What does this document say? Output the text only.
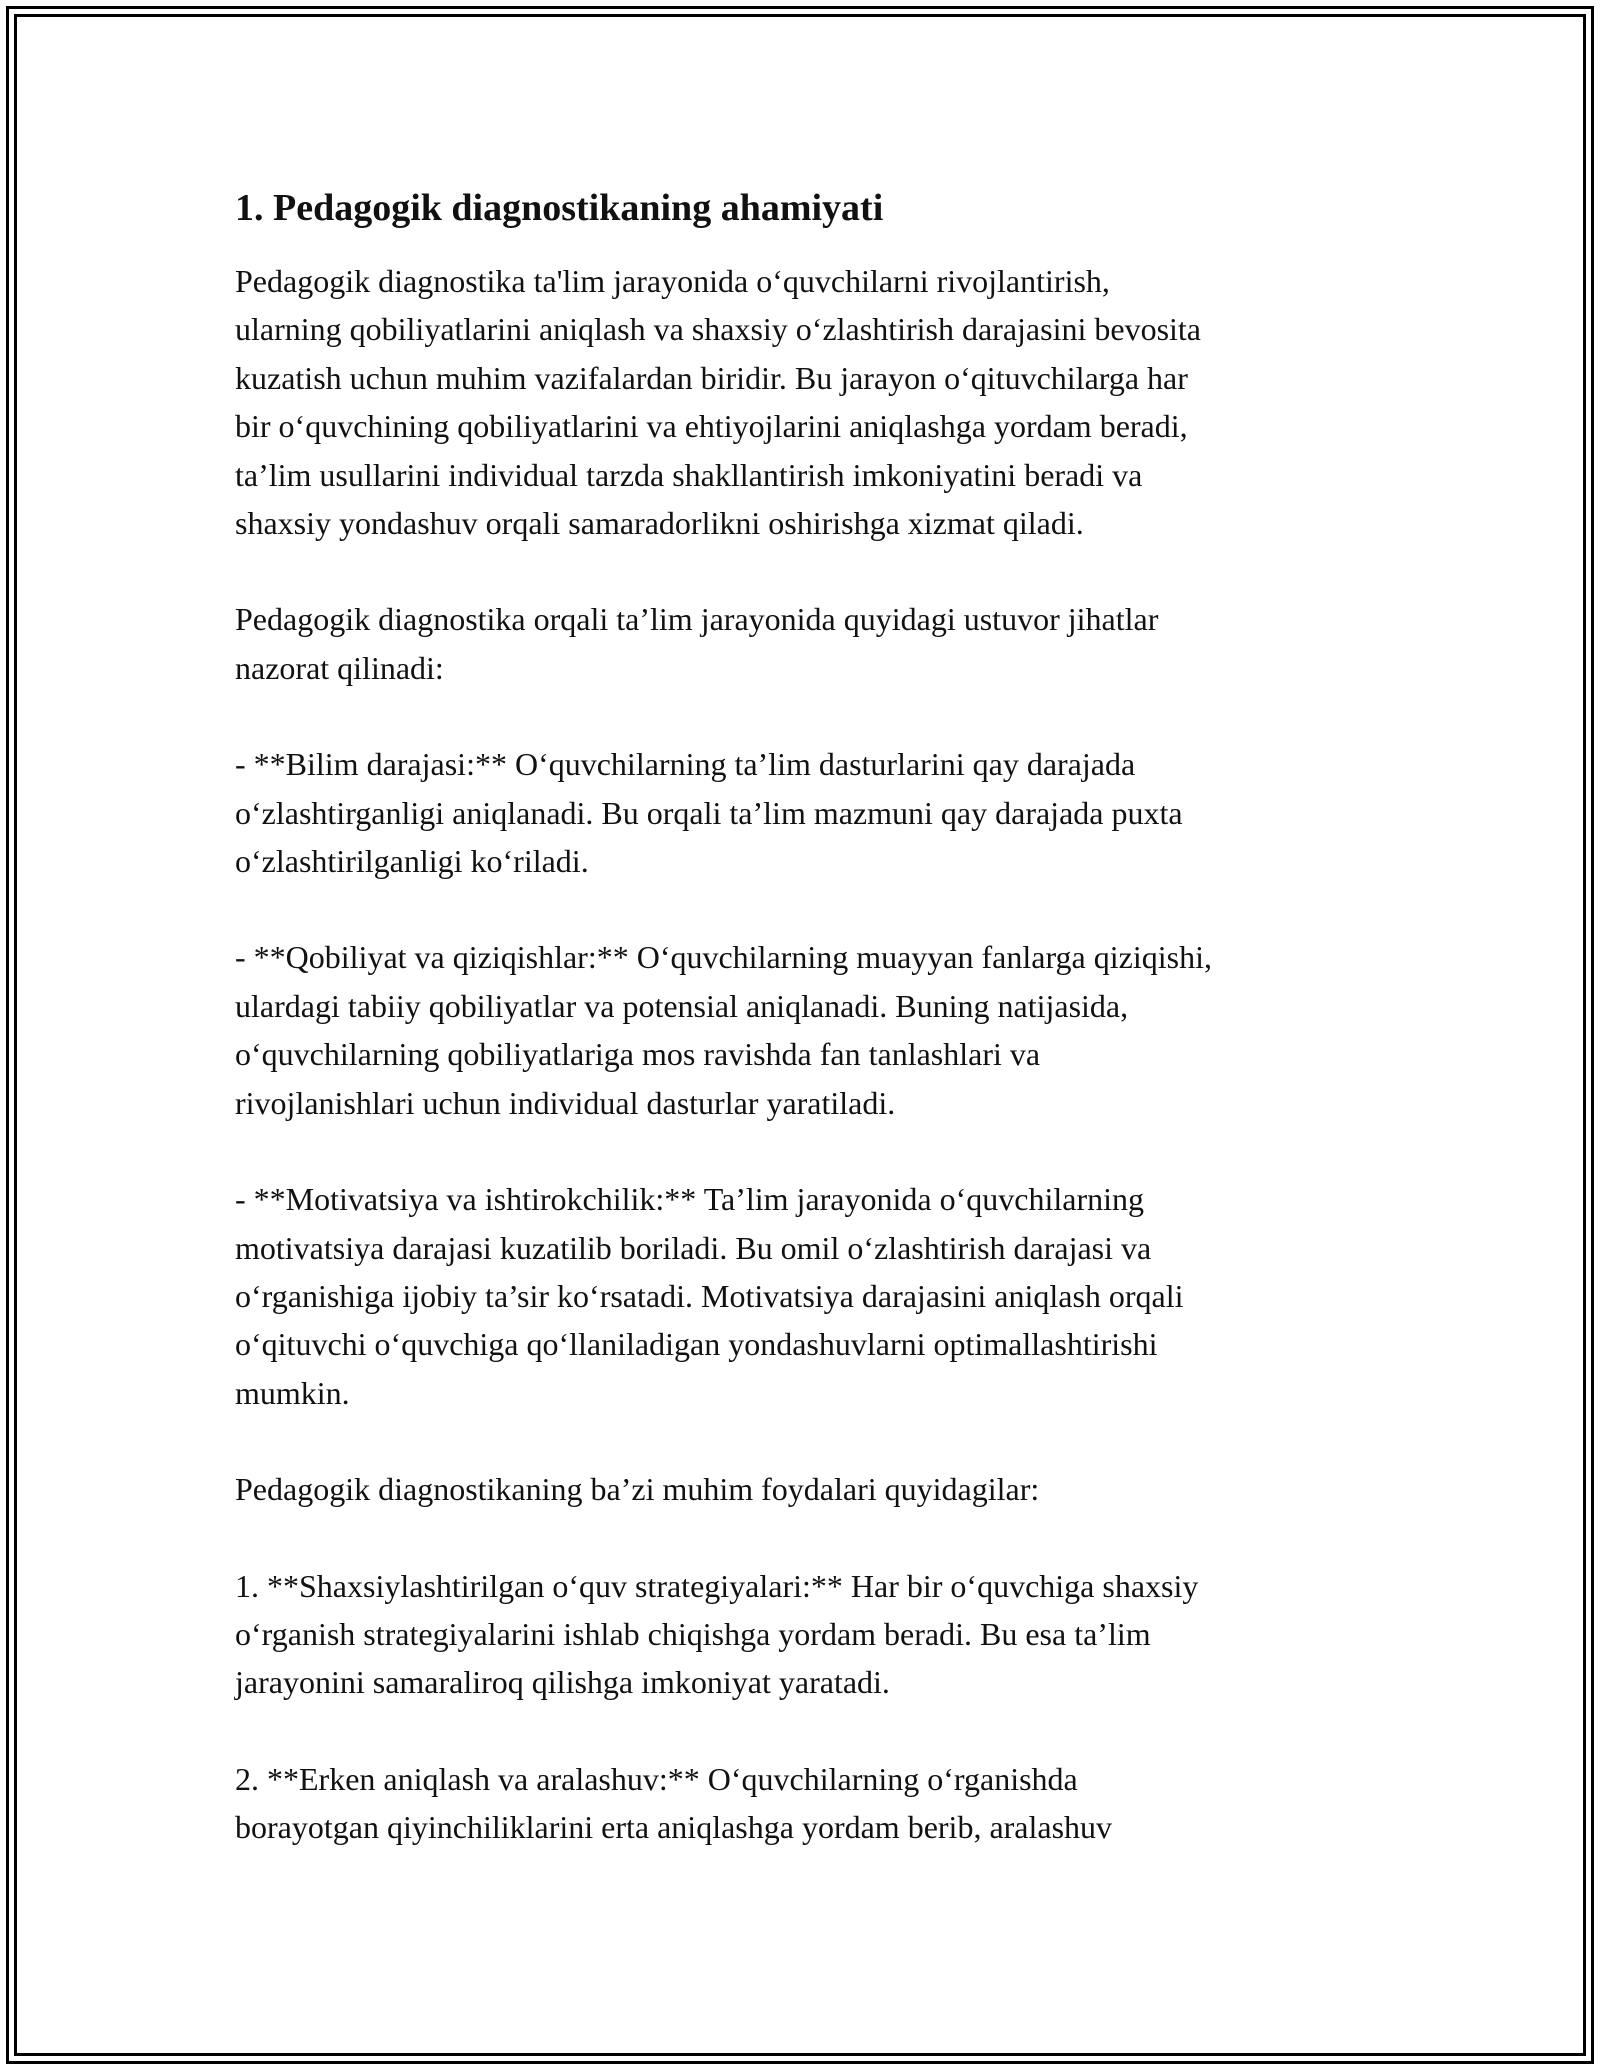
1. Pedagogik diagnostikaning ahamiyati

Pedagogik diagnostika ta'lim jarayonida o‘quvchilarni rivojlantirish,
ularning qobiliyatlarini aniqlash va shaxsiy o‘zlashtirish darajasini bevosita
kuzatish uchun muhim vazifalardan biridir. Bu jarayon o‘qituvchilarga har
bir o‘quvchining qobiliyatlarini va ehtiyojlarini aniqlashga yordam beradi,
ta’lim usullarini individual tarzda shakllantirish imkoniyatini beradi va
shaxsiy yondashuv orqali samaradorlikni oshirishga xizmat qiladi.

Pedagogik diagnostika orqali ta’lim jarayonida quyidagi ustuvor jihatlar
nazorat qilinadi:

- **Bilim darajasi:** O‘quvchilarning ta’lim dasturlarini qay darajada
o‘zlashtirganligi aniqlanadi. Bu orqali ta’lim mazmuni qay darajada puxta
o‘zlashtirilganligi ko‘riladi.

- **Qobiliyat va qiziqishlar:** O‘quvchilarning muayyan fanlarga qiziqishi,
ulardagi tabiiy qobiliyatlar va potensial aniqlanadi. Buning natijasida,
o‘quvchilarning qobiliyatlariga mos ravishda fan tanlashlari va
rivojlanishlari uchun individual dasturlar yaratiladi.

- **Motivatsiya va ishtirokchilik:** Ta’lim jarayonida o‘quvchilarning
motivatsiya darajasi kuzatilib boriladi. Bu omil o‘zlashtirish darajasi va
o‘rganishiga ijobiy ta’sir ko‘rsatadi. Motivatsiya darajasini aniqlash orqali
o‘qituvchi o‘quvchiga qo‘llaniladigan yondashuvlarni optimallashtirishi
mumkin.

Pedagogik diagnostikaning ba’zi muhim foydalari quyidagilar:

1. **Shaxsiylashtirilgan o‘quv strategiyalari:** Har bir o‘quvchiga shaxsiy
o‘rganish strategiyalarini ishlab chiqishga yordam beradi. Bu esa ta’lim
jarayonini samaraliroq qilishga imkoniyat yaratadi.

2. **Erken aniqlash va aralashuv:** O‘quvchilarning o‘rganishda
borayotgan qiyinchiliklarini erta aniqlashga yordam berib, aralashuv
